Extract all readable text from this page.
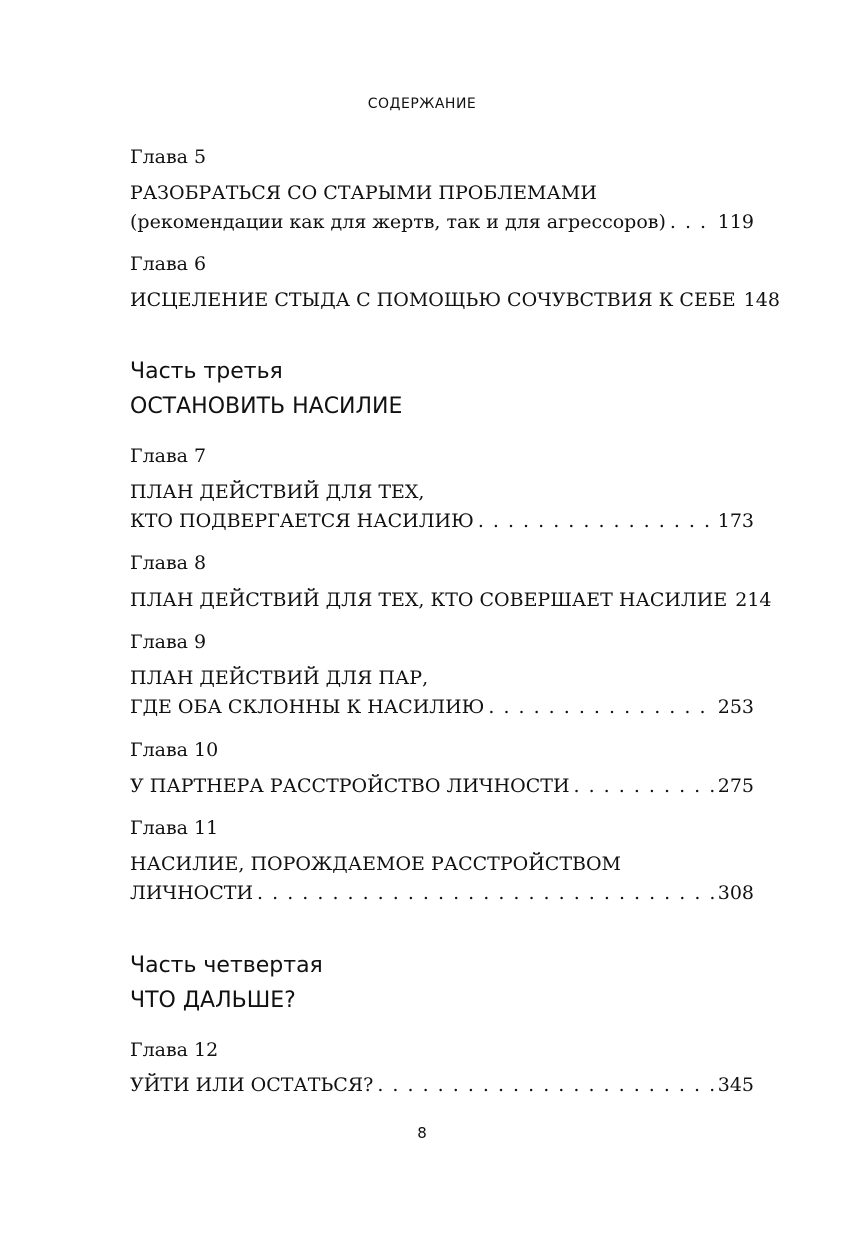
СОДЕРЖАНИЕ
Глава 5
РАЗОБРАТЬСЯ СО СТАРЫМИ ПРОБЛЕМАМИ
(рекомендации как для жертв, так и для агрессоров) . . .	119
Глава 6
ИСЦЕЛЕНИЕ СТЫДА С ПОМОЩЬЮ СОЧУВСТВИЯ К СЕБЕ 148
Часть третья
ОСТАНОВИТЬ НАСИЛИЕ
Глава 7
ПЛАН ДЕЙСТВИЙ ДЛЯ ТЕХ,
КТО ПОДВЕРГАЕТСЯ НАСИЛИЮ . . .	173
Глава 8
ПЛАН ДЕЙСТВИЙ ДЛЯ ТЕХ, КТО СОВЕРШАЕТ НАСИЛИЕ 214
Глава 9
ПЛАН ДЕЙСТВИЙ ДЛЯ ПАР,
ГДЕ ОБА СКЛОННЫ К НАСИЛИЮ . . .	253
Глава 10
У ПАРТНЕРА РАССТРОЙСТВО ЛИЧНОСТИ . . .	275
Глава 11
НАСИЛИЕ, ПОРОЖДАЕМОЕ РАССТРОЙСТВОМ
ЛИЧНОСТИ . . .	308
Часть четвертая
ЧТО ДАЛЬШЕ?
Глава 12
УЙТИ ИЛИ ОСТАТЬСЯ? . . .	345
8
